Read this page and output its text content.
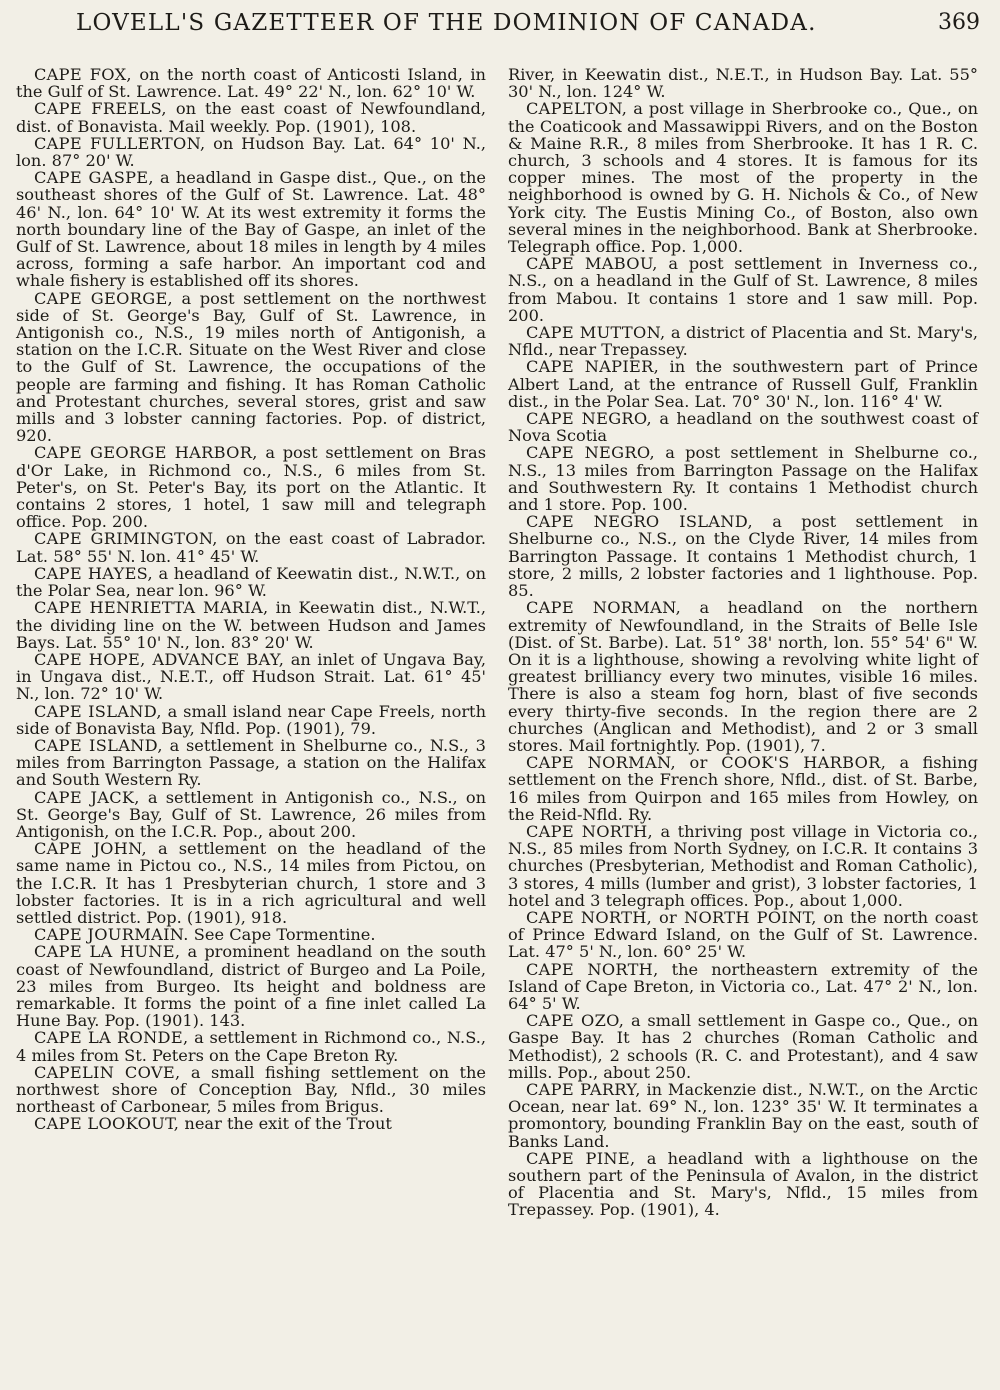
LOVELL'S GAZETTEER OF THE DOMINION OF CANADA.	369

CAPE FOX, on the north coast of Anticosti Island, in the Gulf of St. Lawrence. Lat. 49° 22' N., lon. 62° 10' W.

CAPE FREELS, on the east coast of Newfoundland, dist. of Bonavista. Mail weekly. Pop. (1901), 108.

CAPE FULLERTON, on Hudson Bay. Lat. 64° 10' N., lon. 87° 20' W.

CAPE GASPE, a headland in Gaspe dist., Que., on the southeast shores of the Gulf of St. Lawrence. Lat. 48° 46' N., lon. 64° 10' W. At its west extremity it forms the north boundary line of the Bay of Gaspe, an inlet of the Gulf of St. Lawrence, about 18 miles in length by 4 miles across, forming a safe harbor. An important cod and whale fishery is established off its shores.

CAPE GEORGE, a post settlement on the northwest side of St. George's Bay, Gulf of St. Lawrence, in Antigonish co., N.S., 19 miles north of Antigonish, a station on the I.C.R. Situate on the West River and close to the Gulf of St. Lawrence, the occupations of the people are farming and fishing. It has Roman Catholic and Protestant churches, several stores, grist and saw mills and 3 lobster canning factories. Pop. of district, 920.

CAPE GEORGE HARBOR, a post settlement on Bras d'Or Lake, in Richmond co., N.S., 6 miles from St. Peter's, on St. Peter's Bay, its port on the Atlantic. It contains 2 stores, 1 hotel, 1 saw mill and telegraph office. Pop. 200.

CAPE GRIMINGTON, on the east coast of Labrador. Lat. 58° 55' N. lon. 41° 45' W.

CAPE HAYES, a headland of Keewatin dist., N.W.T., on the Polar Sea, near lon. 96° W.

CAPE HENRIETTA MARIA, in Keewatin dist., N.W.T., the dividing line on the W. between Hudson and James Bays. Lat. 55° 10' N., lon. 83° 20' W.

CAPE HOPE, ADVANCE BAY, an inlet of Ungava Bay, in Ungava dist., N.E.T., off Hudson Strait. Lat. 61° 45' N., lon. 72° 10' W.

CAPE ISLAND, a small island near Cape Freels, north side of Bonavista Bay, Nfld. Pop. (1901), 79.

CAPE ISLAND, a settlement in Shelburne co., N.S., 3 miles from Barrington Passage, a station on the Halifax and South Western Ry.

CAPE JACK, a settlement in Antigonish co., N.S., on St. George's Bay, Gulf of St. Lawrence, 26 miles from Antigonish, on the I.C.R. Pop., about 200.

CAPE JOHN, a settlement on the headland of the same name in Pictou co., N.S., 14 miles from Pictou, on the I.C.R. It has 1 Presbyterian church, 1 store and 3 lobster factories. It is in a rich agricultural and well settled district. Pop. (1901), 918.

CAPE JOURMAIN. See Cape Tormentine.

CAPE LA HUNE, a prominent headland on the south coast of Newfoundland, district of Burgeo and La Poile, 23 miles from Burgeo. Its height and boldness are remarkable. It forms the point of a fine inlet called La Hune Bay. Pop. (1901). 143.

CAPE LA RONDE, a settlement in Richmond co., N.S., 4 miles from St. Peters on the Cape Breton Ry.

CAPELIN COVE, a small fishing settlement on the northwest shore of Conception Bay, Nfld., 30 miles northeast of Carbonear, 5 miles from Brigus.

CAPE LOOKOUT, near the exit of the Trout

River, in Keewatin dist., N.E.T., in Hudson Bay. Lat. 55° 30' N., lon. 124° W.

CAPELTON, a post village in Sherbrooke co., Que., on the Coaticook and Massawippi Rivers, and on the Boston & Maine R.R., 8 miles from Sherbrooke. It has 1 R. C. church, 3 schools and 4 stores. It is famous for its copper mines. The most of the property in the neighborhood is owned by G. H. Nichols & Co., of New York city. The Eustis Mining Co., of Boston, also own several mines in the neighborhood. Bank at Sherbrooke. Telegraph office. Pop. 1,000.

CAPE MABOU, a post settlement in Inverness co., N.S., on a headland in the Gulf of St. Lawrence, 8 miles from Mabou. It contains 1 store and 1 saw mill. Pop. 200.

CAPE MUTTON, a district of Placentia and St. Mary's, Nfld., near Trepassey.

CAPE NAPIER, in the southwestern part of Prince Albert Land, at the entrance of Russell Gulf, Franklin dist., in the Polar Sea. Lat. 70° 30' N., lon. 116° 4' W.

CAPE NEGRO, a headland on the southwest coast of Nova Scotia

CAPE NEGRO, a post settlement in Shelburne co., N.S., 13 miles from Barrington Passage on the Halifax and Southwestern Ry. It contains 1 Methodist church and 1 store. Pop. 100.

CAPE NEGRO ISLAND, a post settlement in Shelburne co., N.S., on the Clyde River, 14 miles from Barrington Passage. It contains 1 Methodist church, 1 store, 2 mills, 2 lobster factories and 1 lighthouse. Pop. 85.

CAPE NORMAN, a headland on the northern extremity of Newfoundland, in the Straits of Belle Isle (Dist. of St. Barbe). Lat. 51° 38' north, lon. 55° 54' 6" W. On it is a lighthouse, showing a revolving white light of greatest brilliancy every two minutes, visible 16 miles. There is also a steam fog horn, blast of five seconds every thirty-five seconds. In the region there are 2 churches (Anglican and Methodist), and 2 or 3 small stores. Mail fortnightly. Pop. (1901), 7.

CAPE NORMAN, or COOK'S HARBOR, a fishing settlement on the French shore, Nfld., dist. of St. Barbe, 16 miles from Quirpon and 165 miles from Howley, on the Reid-Nfld. Ry.

CAPE NORTH, a thriving post village in Victoria co., N.S., 85 miles from North Sydney, on I.C.R. It contains 3 churches (Presbyterian, Methodist and Roman Catholic), 3 stores, 4 mills (lumber and grist), 3 lobster factories, 1 hotel and 3 telegraph offices. Pop., about 1,000.

CAPE NORTH, or NORTH POINT, on the north coast of Prince Edward Island, on the Gulf of St. Lawrence. Lat. 47° 5' N., lon. 60° 25' W.

CAPE NORTH, the northeastern extremity of the Island of Cape Breton, in Victoria co., Lat. 47° 2' N., lon. 64° 5' W.

CAPE OZO, a small settlement in Gaspe co., Que., on Gaspe Bay. It has 2 churches (Roman Catholic and Methodist), 2 schools (R. C. and Protestant), and 4 saw mills. Pop., about 250.

CAPE PARRY, in Mackenzie dist., N.W.T., on the Arctic Ocean, near lat. 69° N., lon. 123° 35' W. It terminates a promontory, bounding Franklin Bay on the east, south of Banks Land.

CAPE PINE, a headland with a lighthouse on the southern part of the Peninsula of Avalon, in the district of Placentia and St. Mary's, Nfld., 15 miles from Trepassey. Pop. (1901), 4.
